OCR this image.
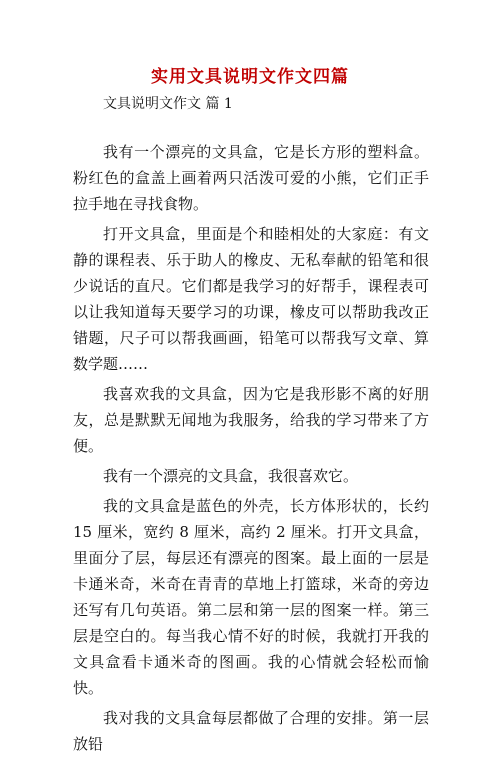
实用文具说明文作文四篇
文具说明文作文 篇 1

我有一个漂亮的文具盒，它是长方形的塑料盒。粉红色的盒盖上画着两只活泼可爱的小熊，它们正手拉手地在寻找食物。

打开文具盒，里面是个和睦相处的大家庭：有文静的课程表、乐于助人的橡皮、无私奉献的铅笔和很少说话的直尺。它们都是我学习的好帮手，课程表可以让我知道每天要学习的功课，橡皮可以帮助我改正错题，尺子可以帮我画画，铅笔可以帮我写文章、算数学题……

我喜欢我的文具盒，因为它是我形影不离的好朋友，总是默默无闻地为我服务，给我的学习带来了方便。

我有一个漂亮的文具盒，我很喜欢它。

我的文具盒是蓝色的外壳，长方体形状的，长约 15 厘米，宽约 8 厘米，高约 2 厘米。打开文具盒，里面分了层，每层还有漂亮的图案。最上面的一层是卡通米奇，米奇在青青的草地上打篮球，米奇的旁边还写有几句英语。第二层和第一层的图案一样。第三层是空白的。每当我心情不好的时候，我就打开我的文具盒看卡通米奇的图画。我的心情就会轻松而愉快。

我对我的文具盒每层都做了合理的安排。第一层放铅
